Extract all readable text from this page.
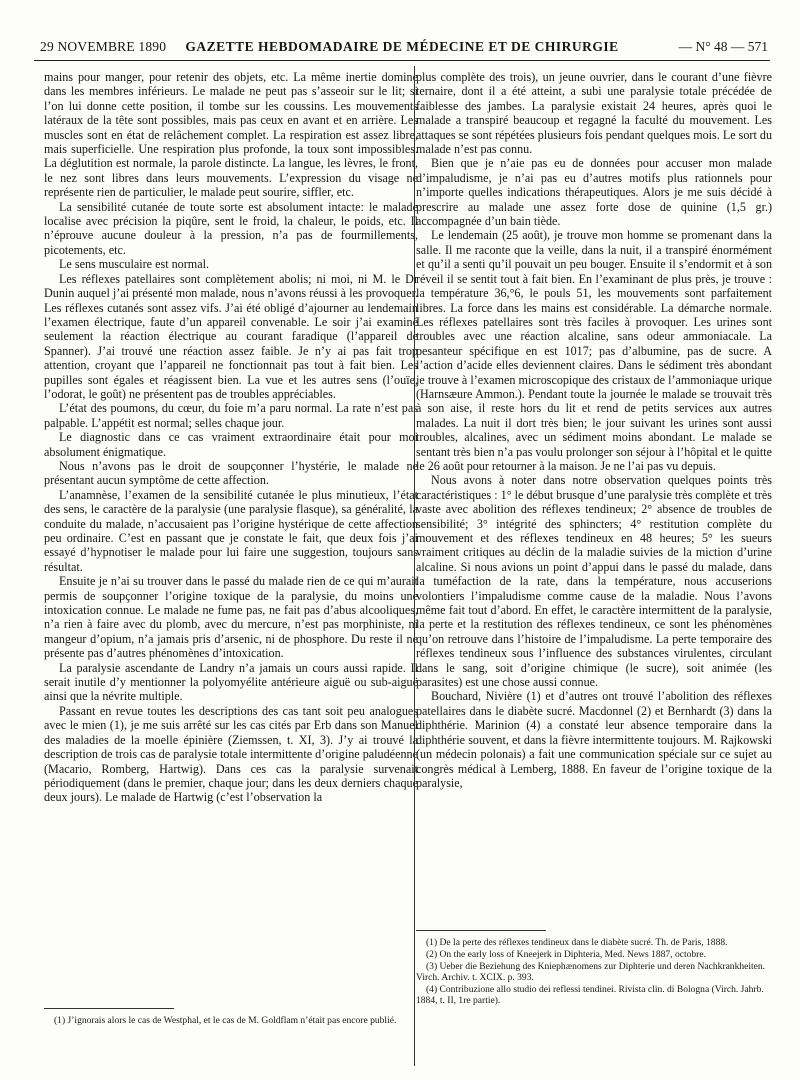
29 NOVEMBRE 1890	GAZETTE HEBDOMADAIRE DE MÉDECINE ET DE CHIRURGIE	— N° 48 — 571

mains pour manger, pour retenir des objets, etc. La même inertie domine dans les membres inférieurs. Le malade ne peut pas s’asseoir sur le lit; si l’on lui donne cette position, il tombe sur les coussins. Les mouvements latéraux de la tête sont possibles, mais pas ceux en avant et en arrière. Les muscles sont en état de relâchement complet. La respiration est assez libre, mais superficielle. Une respiration plus profonde, la toux sont impossibles. La déglutition est normale, la parole distincte. La langue, les lèvres, le front, le nez sont libres dans leurs mouvements. L’expression du visage ne représente rien de particulier, le malade peut sourire, siffler, etc.

La sensibilité cutanée de toute sorte est absolument intacte: le malade localise avec précision la piqûre, sent le froid, la chaleur, le poids, etc. Il n’éprouve aucune douleur à la pression, n’a pas de fourmillements, picotements, etc.

Le sens musculaire est normal.

Les réflexes patellaires sont complètement abolis; ni moi, ni M. le Dr Dunin auquel j’ai présenté mon malade, nous n’avons réussi à les provoquer. Les réflexes cutanés sont assez vifs. J’ai été obligé d’ajourner au lendemain l’examen électrique, faute d’un appareil convenable. Le soir j’ai examiné seulement la réaction électrique au courant faradique (l’appareil de Spanner). J’ai trouvé une réaction assez faible. Je n’y ai pas fait trop attention, croyant que l’appareil ne fonctionnait pas tout à fait bien. Les pupilles sont égales et réagissent bien. La vue et les autres sens (l’ouïe, l’odorat, le goût) ne présentent pas de troubles appréciables.

L’état des poumons, du cœur, du foie m’a paru normal. La rate n’est pas palpable. L’appétit est normal; selles chaque jour.

Le diagnostic dans ce cas vraiment extraordinaire était pour moi absolument énigmatique.

Nous n’avons pas le droit de soupçonner l’hystérie, le malade ne présentant aucun symptôme de cette affection.

L’anamnèse, l’examen de la sensibilité cutanée le plus minutieux, l’état des sens, le caractère de la paralysie (une paralysie flasque), sa généralité, la conduite du malade, n’accusaient pas l’origine hystérique de cette affection peu ordinaire. C’est en passant que je constate le fait, que deux fois j’ai essayé d’hypnotiser le malade pour lui faire une suggestion, toujours sans résultat.

Ensuite je n’ai su trouver dans le passé du malade rien de ce qui m’aurait permis de soupçonner l’origine toxique de la paralysie, du moins une intoxication connue. Le malade ne fume pas, ne fait pas d’abus alcooliques, n’a rien à faire avec du plomb, avec du mercure, n’est pas morphiniste, ni mangeur d’opium, n’a jamais pris d’arsenic, ni de phosphore. Du reste il ne présente pas d’autres phénomènes d’intoxication.

La paralysie ascendante de Landry n’a jamais un cours aussi rapide. Il serait inutile d’y mentionner la polyomyélite antérieure aiguë ou sub-aiguë ainsi que la névrite multiple.

Passant en revue toutes les descriptions des cas tant soit peu analogues avec le mien (1), je me suis arrêté sur les cas cités par Erb dans son Manuel des maladies de la moelle épinière (Ziemssen, t. XI, 3). J’y ai trouvé la description de trois cas de paralysie totale intermittente d’origine paludéenne (Macario, Romberg, Hartwig). Dans ces cas la paralysie survenait périodiquement (dans le premier, chaque jour; dans les deux derniers chaque deux jours). Le malade de Hartwig (c’est l’observation la

(1) J’ignorais alors le cas de Westphal, et le cas de M. Goldflam n’était pas encore publié.

plus complète des trois), un jeune ouvrier, dans le courant d’une fièvre ternaire, dont il a été atteint, a subi une paralysie totale précédée de faiblesse des jambes. La paralysie existait 24 heures, après quoi le malade a transpiré beaucoup et regagné la faculté du mouvement. Les attaques se sont répétées plusieurs fois pendant quelques mois. Le sort du malade n’est pas connu.

Bien que je n’aie pas eu de données pour accuser mon malade d’impaludisme, je n’ai pas eu d’autres motifs plus rationnels pour n’importe quelles indications thérapeutiques. Alors je me suis décidé à prescrire au malade une assez forte dose de quinine (1,5 gr.) accompagnée d’un bain tiède.

Le lendemain (25 août), je trouve mon homme se promenant dans la salle. Il me raconte que la veille, dans la nuit, il a transpiré énormément et qu’il a senti qu’il pouvait un peu bouger. Ensuite il s’endormit et à son réveil il se sentit tout à fait bien. En l’examinant de plus près, je trouve : la température 36,°6, le pouls 51, les mouvements sont parfaitement libres. La force dans les mains est considérable. La démarche normale. Les réflexes patellaires sont très faciles à provoquer. Les urines sont troubles avec une réaction alcaline, sans odeur ammoniacale. La pesanteur spécifique en est 1017; pas d’albumine, pas de sucre. A l’action d’acide elles deviennent claires. Dans le sédiment très abondant je trouve à l’examen microscopique des cristaux de l’ammoniaque urique (Harnsæure Ammon.). Pendant toute la journée le malade se trouvait très à son aise, il reste hors du lit et rend de petits services aux autres malades. La nuit il dort très bien; le jour suivant les urines sont aussi troubles, alcalines, avec un sédiment moins abondant. Le malade se sentant très bien n’a pas voulu prolonger son séjour à l’hôpital et le quitte le 26 août pour retourner à la maison. Je ne l’ai pas vu depuis.

Nous avons à noter dans notre observation quelques points très caractéristiques : 1° le début brusque d’une paralysie très complète et très vaste avec abolition des réflexes tendineux; 2° absence de troubles de sensibilité; 3° intégrité des sphincters; 4° restitution complète du mouvement et des réflexes tendineux en 48 heures; 5° les sueurs vraiment critiques au déclin de la maladie suivies de la miction d’urine alcaline. Si nous avions un point d’appui dans le passé du malade, dans la tuméfaction de la rate, dans la température, nous accuserions volontiers l’impaludisme comme cause de la maladie. Nous l’avons même fait tout d’abord. En effet, le caractère intermittent de la paralysie, la perte et la restitution des réflexes tendineux, ce sont les phénomènes qu’on retrouve dans l’histoire de l’impaludisme. La perte temporaire des réflexes tendineux sous l’influence des substances virulentes, circulant dans le sang, soit d’origine chimique (le sucre), soit animée (les parasites) est une chose aussi connue.

Bouchard, Nivière (1) et d’autres ont trouvé l’abolition des réflexes patellaires dans le diabète sucré. Macdonnel (2) et Bernhardt (3) dans la diphthérie. Marinion (4) a constaté leur absence temporaire dans la diphthérie souvent, et dans la fièvre intermittente toujours. M. Rajkowski (un médecin polonais) a fait une communication spéciale sur ce sujet au congrès médical à Lemberg, 1888. En faveur de l’origine toxique de la paralysie,

(1) De la perte des réflexes tendineux dans le diabète sucré. Th. de Paris, 1888.

(2) On the early loss of Kneejerk in Diphteria, Med. News 1887, octobre.

(3) Ueber die Beziehung des Kniephænomens zur Diphterie und deren Nachkrankheiten. Virch. Archiv. t. XCIX. p. 393.

(4) Contribuzione allo studio dei reflessi tendinei. Rivista clin. di Bologna (Virch. Jahrb. 1884, t. II, 1re partie).
